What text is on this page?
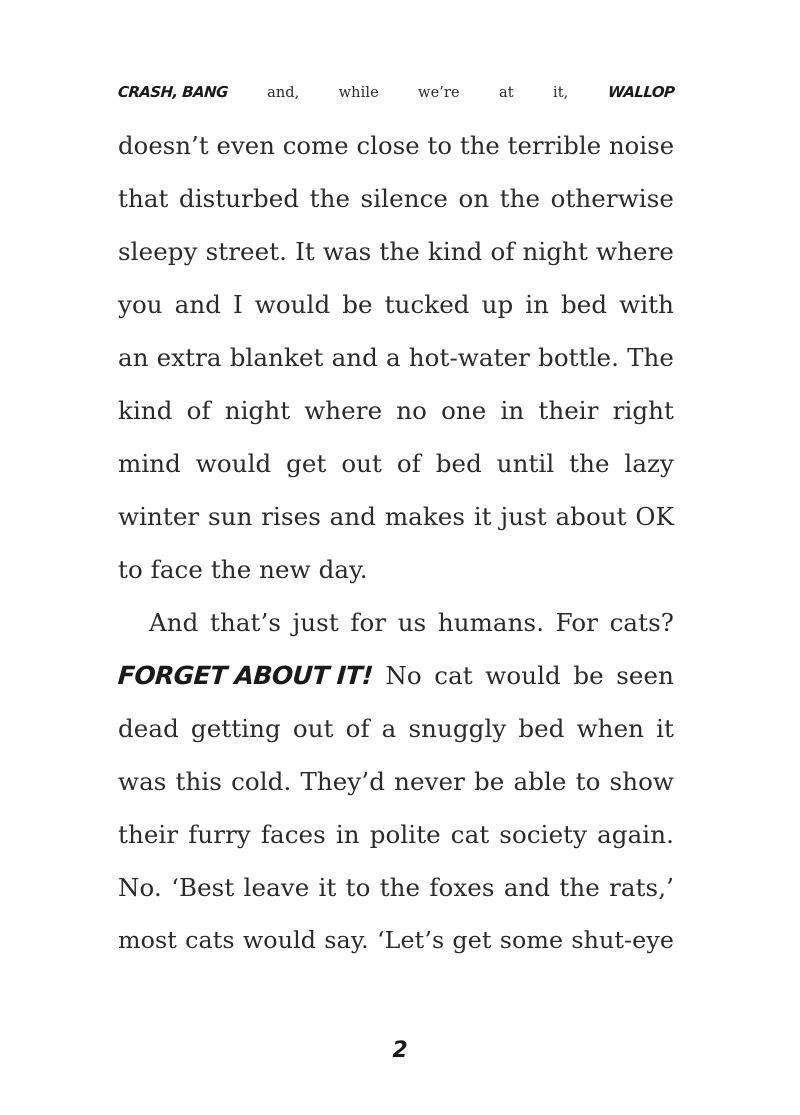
CRASH, BANG and, while we’re at it, WALLOP
doesn’t even come close to the terrible noise
that disturbed the silence on the otherwise
sleepy street. It was the kind of night where
you and I would be tucked up in bed with
an extra blanket and a hot-water bottle. The
kind of night where no one in their right
mind would get out of bed until the lazy
winter sun rises and makes it just about OK
to face the new day.
And that’s just for us humans. For cats?
FORGET ABOUT IT! No cat would be seen
dead getting out of a snuggly bed when it
was this cold. They’d never be able to show
their furry faces in polite cat society again.
No. ‘Best leave it to the foxes and the rats,’
most cats would say. ‘Let’s get some shut-eye
2
